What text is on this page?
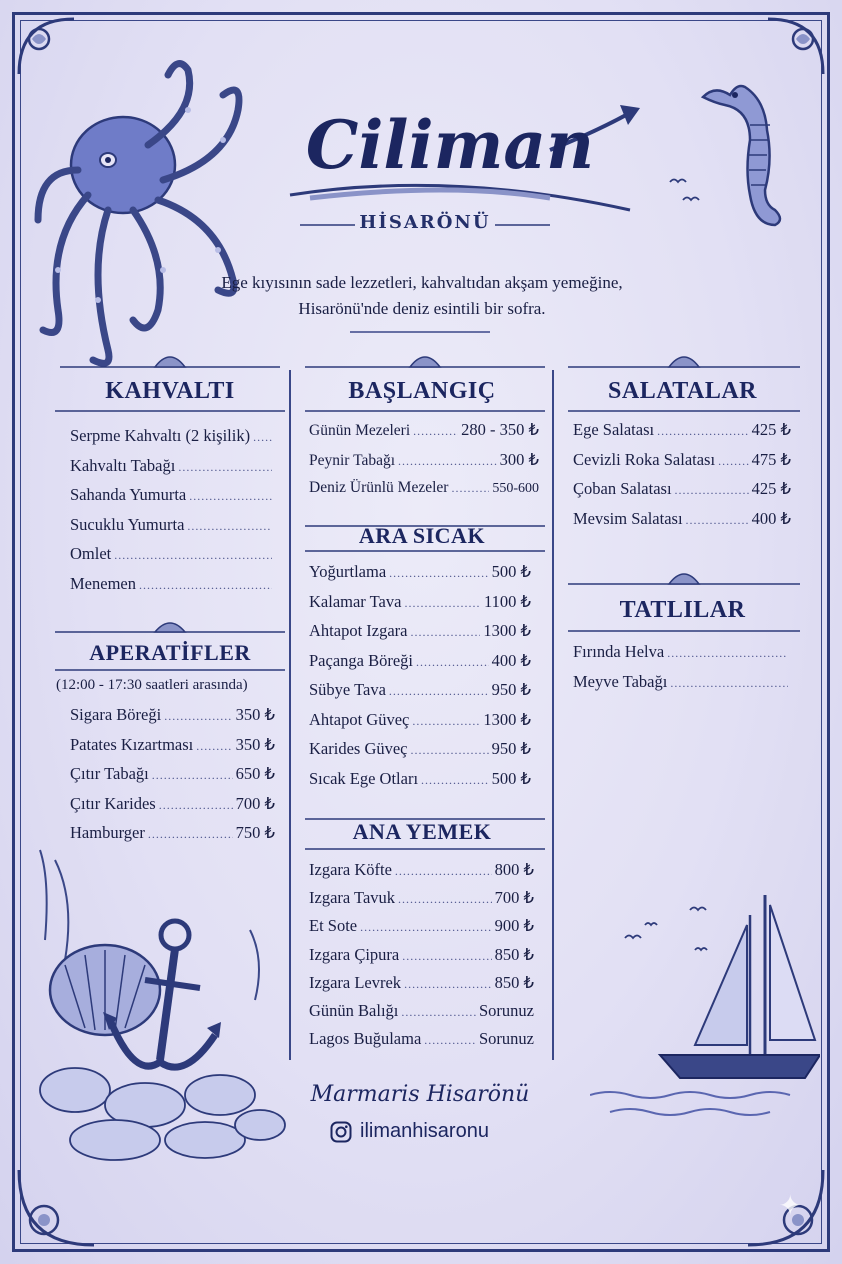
Ciliman
HİSARÖNÜ
Ege kıyısının sade lezzetleri, kahvaltıdan akşam yemeğine,
Hisarönü'nde deniz esintili bir sofra.
KAHVALTI
Serpme Kahvaltı (2 kişilik)
.....
Kahvaltı Tabağı
.....
Sahanda Yumurta
.....
Sucuklu Yumurta
.....
Omlet
.....
Menemen
.....
APERATİFLER
(12:00 - 17:30 saatleri arasında)
Sigara Böreği .....	350 ₺
Patates Kızartması .....	350 ₺
Çıtır Tabağı .....	650 ₺
Çıtır Karides .....	700 ₺
Hamburger .....	750 ₺
BAŞLANGIÇ
Günün Mezeleri .....	280 - 350 ₺
Peynir Tabağı .....	300 ₺
Deniz Ürünlü Mezeler .....	550-600
ARA SICAK
Yoğurtlama .....	500 ₺
Kalamar Tava .....	1100 ₺
Ahtapot Izgara .....	1300 ₺
Paçanga Böreği .....	400 ₺
Sübye Tava .....	950 ₺
Ahtapot Güveç .....	1300 ₺
Karides Güveç .....	950 ₺
Sıcak Ege Otları .....	500 ₺
ANA YEMEK
Izgara Köfte .....	800 ₺
Izgara Tavuk .....	700 ₺
Et Sote .....	900 ₺
Izgara Çipura .....	850 ₺
Izgara Levrek .....	850 ₺
Günün Balığı .....	Sorunuz
Lagos Buğulama .....	Sorunuz
SALATALAR
Ege Salatası .....	425 ₺
Cevizli Roka Salatası ..... 475 ₺
Çoban Salatası .....	425 ₺
Mevsim Salatası .....	400 ₺
TATLILAR
Fırında Helva
.....
Meyve Tabağı
.....
Marmaris Hisarönü
ilimanhisaronu
✦
